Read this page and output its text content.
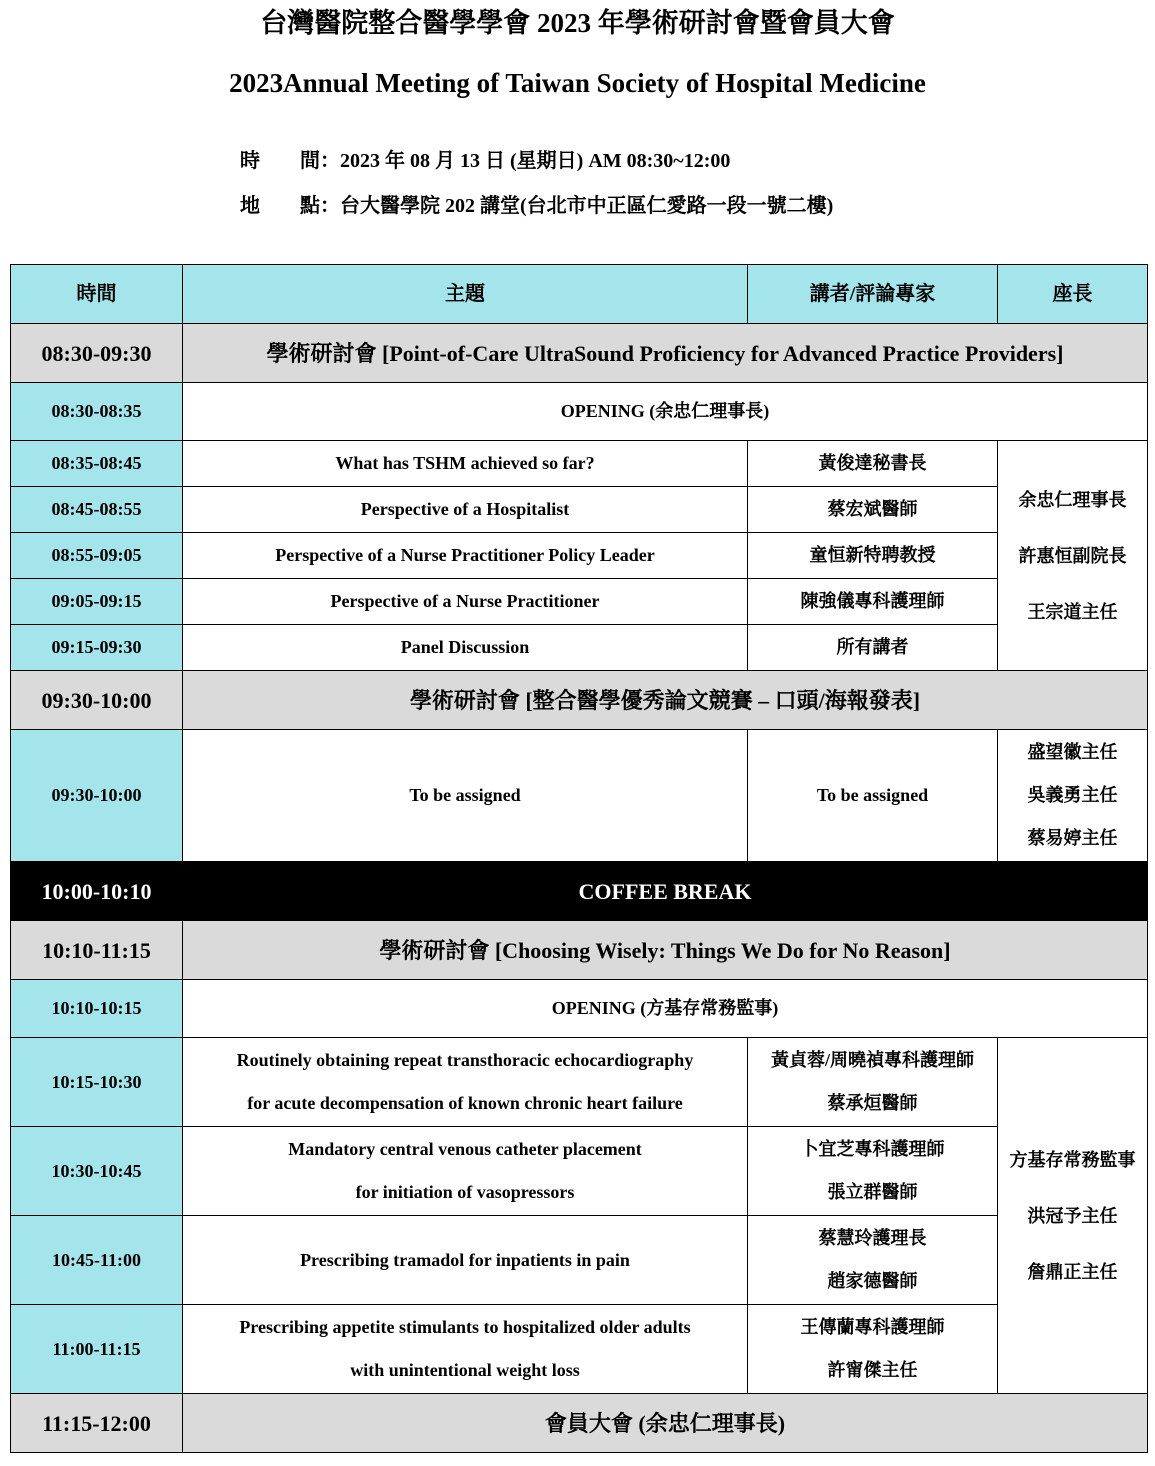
台灣醫院整合醫學學會 2023 年學術研討會暨會員大會
2023Annual Meeting of Taiwan Society of Hospital Medicine
時　　間：2023 年 08 月 13 日 (星期日) AM 08:30~12:00
地　　點：台大醫學院 202 講堂(台北市中正區仁愛路一段一號二樓)
時間	主題	講者/評論專家	座長
08:30-09:30	學術研討會 [Point-of-Care UltraSound Proficiency for Advanced Practice Providers]		
08:30-08:35	OPENING (余忠仁理事長)		
08:35-08:45	What has TSHM achieved so far?	黃俊達秘書長	余忠仁理事長
許惠恒副院長
王宗道主任

08:45-08:55	Perspective of a Hospitalist	蔡宏斌醫師	
08:55-09:05	Perspective of a Nurse Practitioner Policy Leader	童恒新特聘教授	
09:05-09:15	Perspective of a Nurse Practitioner	陳強儀專科護理師	
09:15-09:30	Panel Discussion	所有講者	
09:30-10:00	學術研討會 [整合醫學優秀論文競賽 – 口頭/海報發表]		
09:30-10:00	To be assigned	To be assigned	盛望徽主任
吳義勇主任
蔡易婷主任

10:00-10:10	COFFEE BREAK		
10:10-11:15	學術研討會 [Choosing Wisely: Things We Do for No Reason]		
10:10-10:15	OPENING (方基存常務監事)		
10:15-10:30	Routinely obtaining repeat transthoracic echocardiography
for acute decompensation of known chronic heart failure	黃貞蓉/周曉禎專科護理師
蔡承烜醫師	方基存常務監事
洪冠予主任
詹鼎正主任

10:30-10:45	Mandatory central venous catheter placement
for initiation of vasopressors	卜宜芝專科護理師
張立群醫師	

10:45-11:00	Prescribing tramadol for inpatients in pain	蔡慧玲護理長
趙家德醫師	

11:00-11:15	Prescribing appetite stimulants to hospitalized older adults
with unintentional weight loss	王傳蘭專科護理師
許甯傑主任	

11:15-12:00	會員大會 (余忠仁理事長)		
